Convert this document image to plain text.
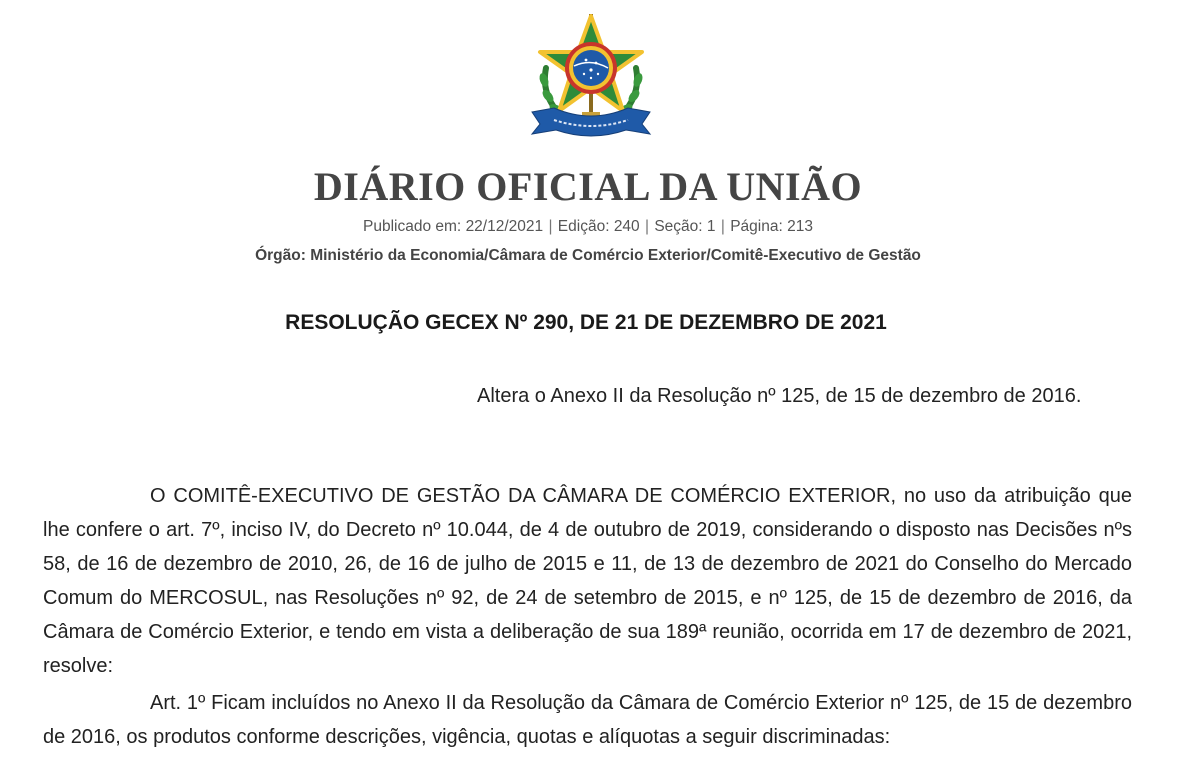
DIÁRIO OFICIAL DA UNIÃO
Publicado em: 22/12/2021 | Edição: 240 | Seção: 1 | Página: 213
Órgão: Ministério da Economia/Câmara de Comércio Exterior/Comitê-Executivo de Gestão
RESOLUÇÃO GECEX Nº 290, DE 21 DE DEZEMBRO DE 2021
Altera o Anexo II da Resolução nº 125, de 15 de dezembro de 2016.
O COMITÊ-EXECUTIVO DE GESTÃO DA CÂMARA DE COMÉRCIO EXTERIOR, no uso da atribuição que lhe confere o art. 7º, inciso IV, do Decreto nº 10.044, de 4 de outubro de 2019, considerando o disposto nas Decisões nºs 58, de 16 de dezembro de 2010, 26, de 16 de julho de 2015 e 11, de 13 de dezembro de 2021 do Conselho do Mercado Comum do MERCOSUL, nas Resoluções nº 92, de 24 de setembro de 2015, e nº 125, de 15 de dezembro de 2016, da Câmara de Comércio Exterior, e tendo em vista a deliberação de sua 189ª reunião, ocorrida em 17 de dezembro de 2021, resolve:
Art. 1º Ficam incluídos no Anexo II da Resolução da Câmara de Comércio Exterior nº 125, de 15 de dezembro de 2016, os produtos conforme descrições, vigência, quotas e alíquotas a seguir discriminadas:
